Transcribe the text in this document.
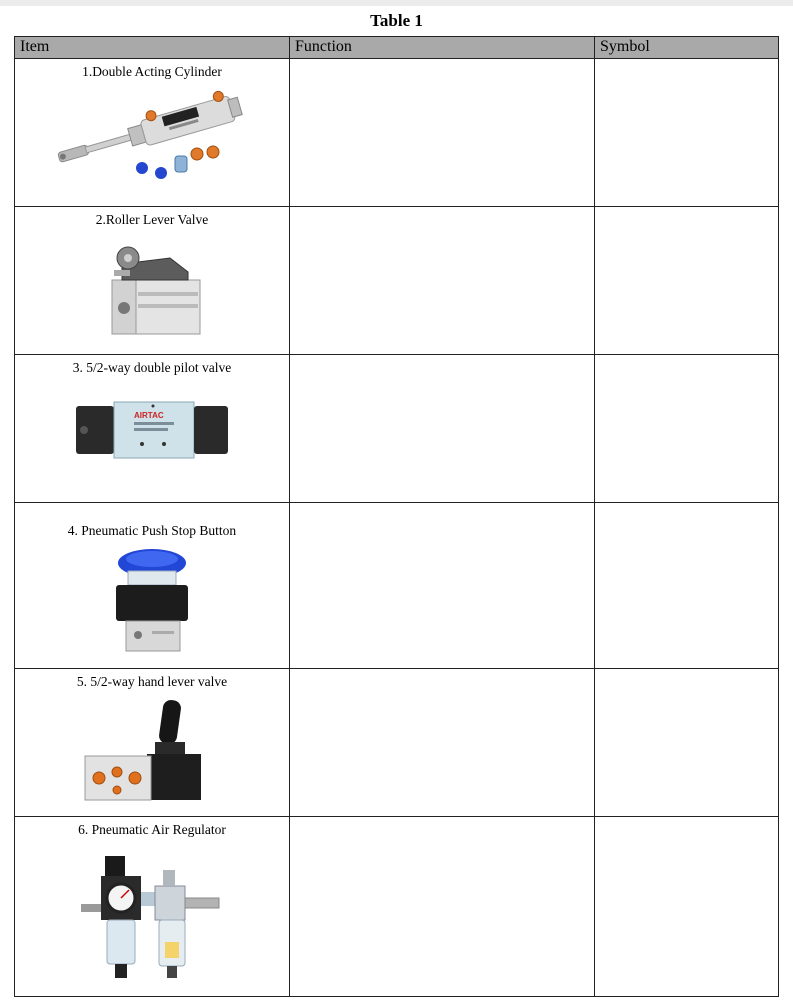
Table 1
Item	Function	Symbol

1.Double Acting Cylinder		

2.Roller Lever Valve		

3. 5/2-way double pilot valve
AIRTAC		

4. Pneumatic Push Stop Button		

5. 5/2-way hand lever valve		

6. Pneumatic Air Regulator		
